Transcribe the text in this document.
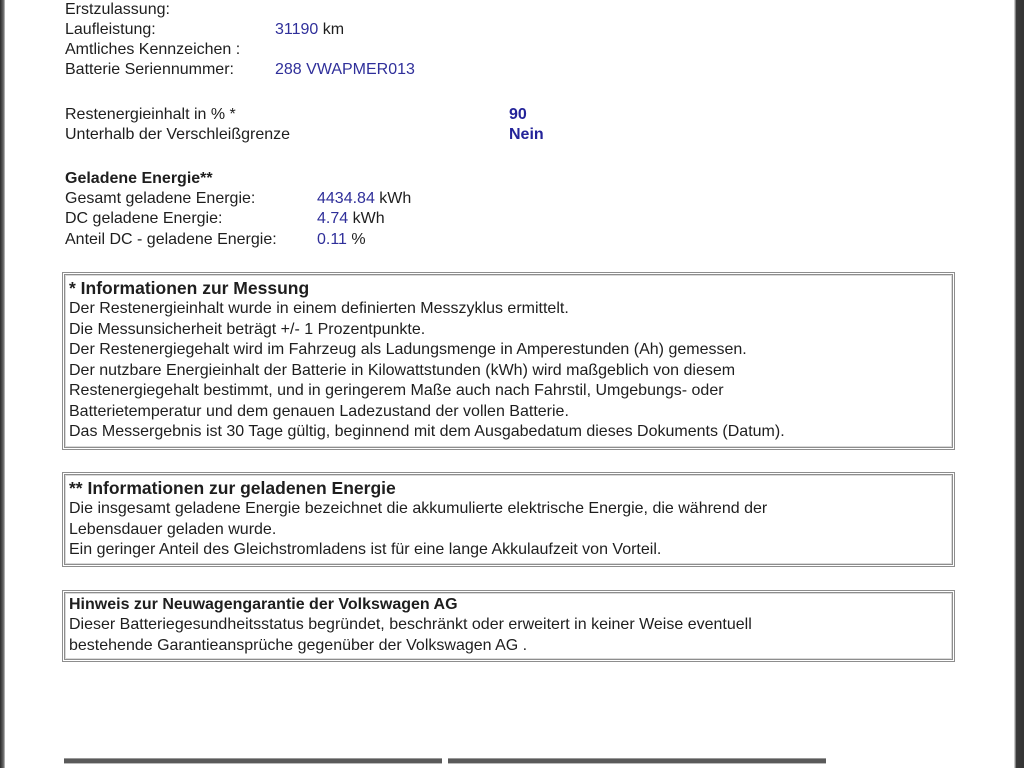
Erstzulassung:
Laufleistung:	31190 km
Amtliches Kennzeichen :
Batterie Seriennummer:	288 VWAPMER013
Restenergieinhalt in % *	90
Unterhalb der Verschleißgrenze	Nein
Geladene Energie**
Gesamt geladene Energie:	4434.84 kWh
DC geladene Energie:	4.74 kWh
Anteil DC - geladene Energie:	0.11 %
* Informationen zur Messung
Der Restenergieinhalt wurde in einem definierten Messzyklus ermittelt.
Die Messunsicherheit beträgt +/- 1 Prozentpunkte.
Der Restenergiegehalt wird im Fahrzeug als Ladungsmenge in Amperestunden (Ah) gemessen.
Der nutzbare Energieinhalt der Batterie in Kilowattstunden (kWh) wird maßgeblich von diesem
Restenergiegehalt bestimmt, und in geringerem Maße auch nach Fahrstil, Umgebungs- oder
Batterietemperatur und dem genauen Ladezustand der vollen Batterie.
Das Messergebnis ist 30 Tage gültig, beginnend mit dem Ausgabedatum dieses Dokuments (Datum).
** Informationen zur geladenen Energie
Die insgesamt geladene Energie bezeichnet die akkumulierte elektrische Energie, die während der
Lebensdauer geladen wurde.
Ein geringer Anteil des Gleichstromladens ist für eine lange Akkulaufzeit von Vorteil.
Hinweis zur Neuwagengarantie der Volkswagen AG
Dieser Batteriegesundheitsstatus begründet, beschränkt oder erweitert in keiner Weise eventuell
bestehende Garantieansprüche gegenüber der Volkswagen AG .
